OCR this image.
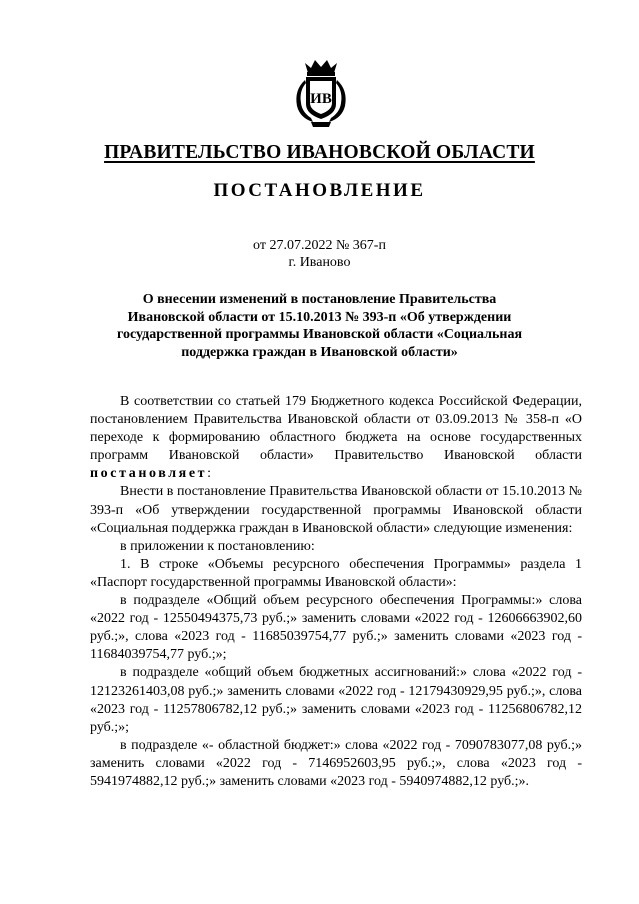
ИВ
ПРАВИТЕЛЬСТВО ИВАНОВСКОЙ ОБЛАСТИ
ПОСТАНОВЛЕНИЕ
от 27.07.2022 № 367-п
г. Иваново
О внесении изменений в постановление Правительства
Ивановской области от 15.10.2013 № 393-п «Об утверждении
государственной программы Ивановской области «Социальная
поддержка граждан в Ивановской области»

В соответствии со статьей 179 Бюджетного кодекса Российской Федерации, постановлением Правительства Ивановской области от 03.09.2013 № 358-п «О переходе к формированию областного бюджета на основе государственных программ Ивановской области» Правительство Ивановской области постановляет:

Внести в постановление Правительства Ивановской области от 15.10.2013 № 393-п «Об утверждении государственной программы Ивановской области «Социальная поддержка граждан в Ивановской области» следующие изменения:

в приложении к постановлению:

1. В строке «Объемы ресурсного обеспечения Программы» раздела 1 «Паспорт государственной программы Ивановской области»:

в подразделе «Общий объем ресурсного обеспечения Программы:» слова «2022 год - 12550494375,73 руб.;» заменить словами «2022 год - 12606663902,60 руб.;», слова «2023 год - 11685039754,77 руб.;» заменить словами «2023 год - 11684039754,77 руб.;»;

в подразделе «общий объем бюджетных ассигнований:» слова «2022 год - 12123261403,08 руб.;» заменить словами «2022 год - 12179430929,95 руб.;», слова «2023 год - 11257806782,12 руб.;» заменить словами «2023 год - 11256806782,12 руб.;»;

в подразделе «- областной бюджет:» слова «2022 год - 7090783077,08 руб.;» заменить словами «2022 год - 7146952603,95 руб.;», слова «2023 год - 5941974882,12 руб.;» заменить словами «2023 год - 5940974882,12 руб.;».
